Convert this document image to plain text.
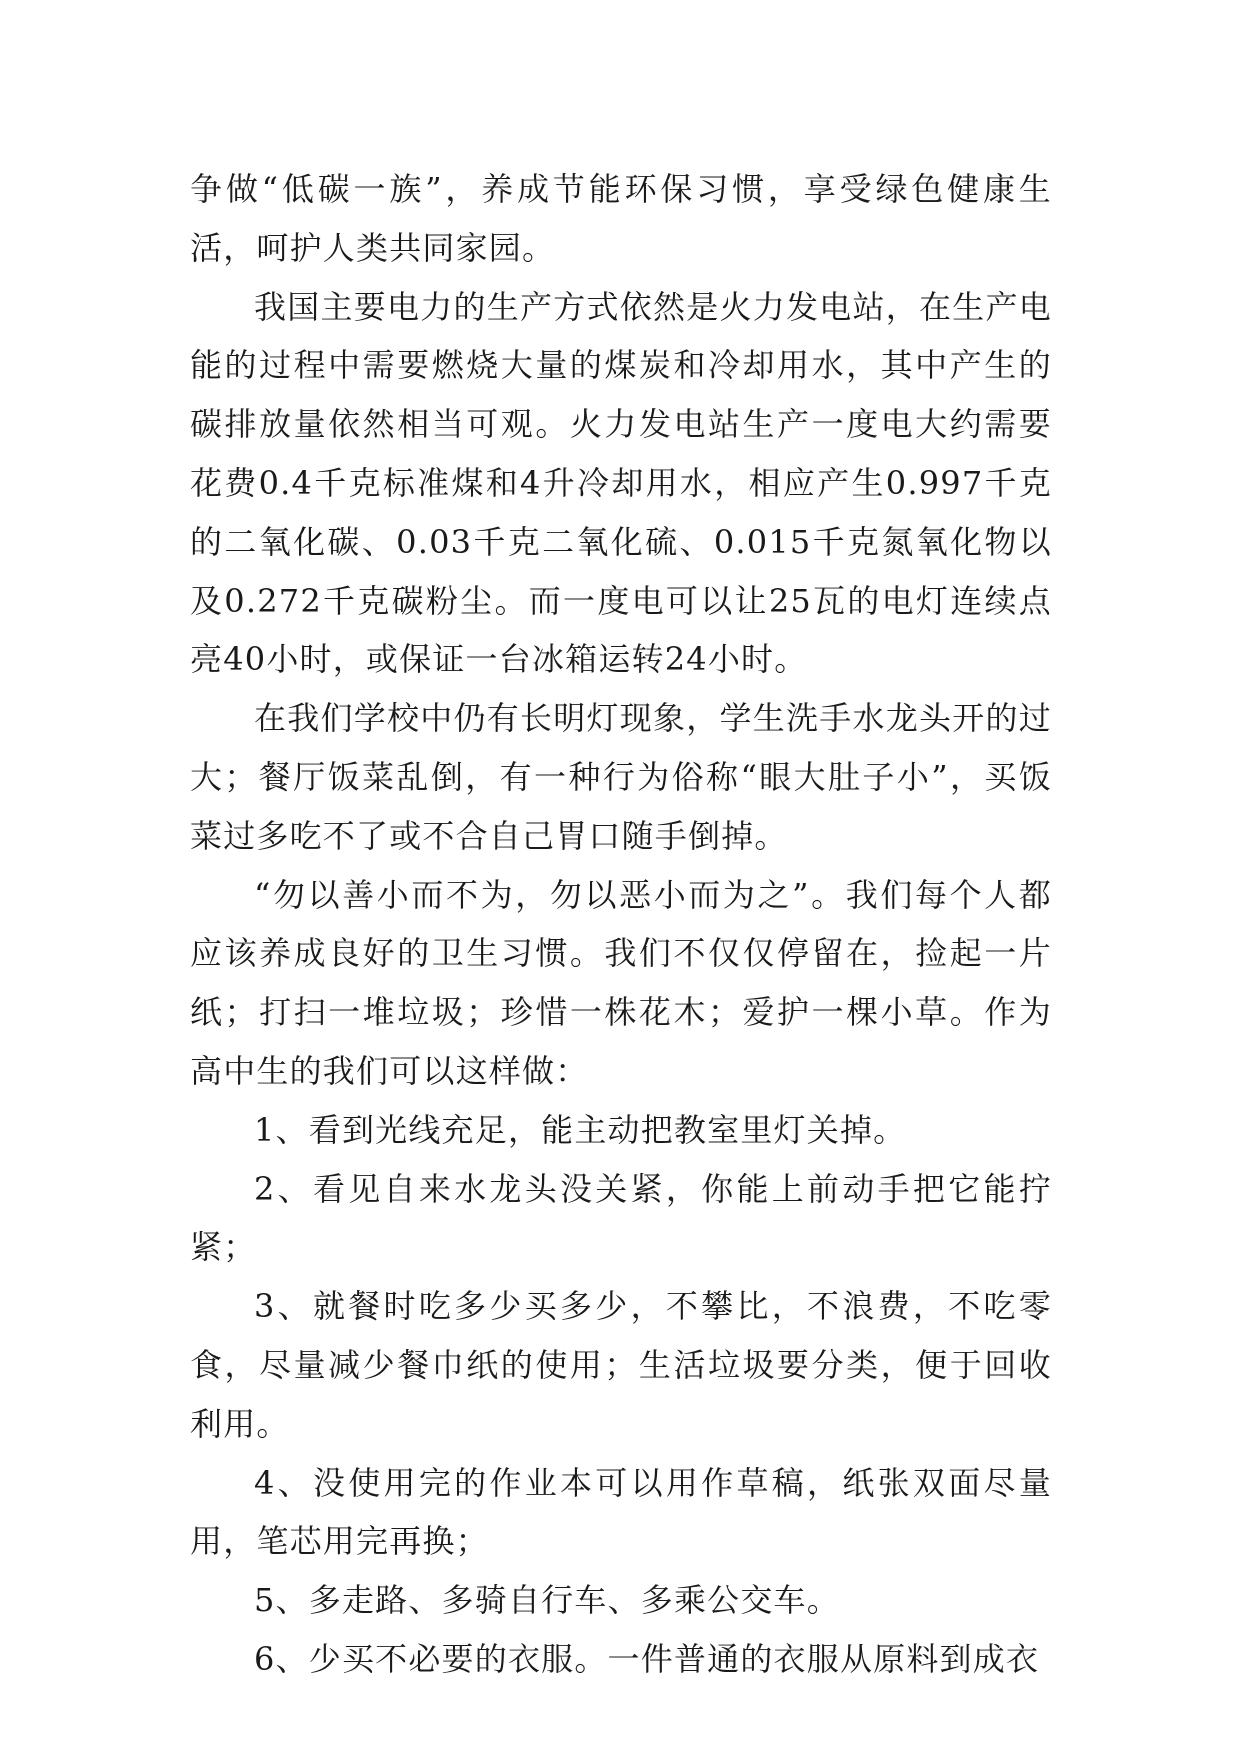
争做“低碳一族”，养成节能环保习惯，享受绿色健康生活，呵护人类共同家园。

我国主要电力的生产方式依然是火力发电站，在生产电能的过程中需要燃烧大量的煤炭和冷却用水，其中产生的碳排放量依然相当可观。火力发电站生产一度电大约需要花费0.4千克标准煤和4升冷却用水，相应产生0.997千克的二氧化碳、0.03千克二氧化硫、0.015千克氮氧化物以及0.272千克碳粉尘。而一度电可以让25瓦的电灯连续点亮40小时，或保证一台冰箱运转24小时。

在我们学校中仍有长明灯现象，学生洗手水龙头开的过大；餐厅饭菜乱倒，有一种行为俗称“眼大肚子小”，买饭菜过多吃不了或不合自己胃口随手倒掉。

“勿以善小而不为，勿以恶小而为之”。我们每个人都应该养成良好的卫生习惯。我们不仅仅停留在，捡起一片纸；打扫一堆垃圾；珍惜一株花木；爱护一棵小草。作为高中生的我们可以这样做：

1、看到光线充足，能主动把教室里灯关掉。

2、看见自来水龙头没关紧，你能上前动手把它能拧紧；

3、就餐时吃多少买多少，不攀比，不浪费，不吃零食，尽量减少餐巾纸的使用；生活垃圾要分类，便于回收利用。

4、没使用完的作业本可以用作草稿，纸张双面尽量用，笔芯用完再换；

5、多走路、多骑自行车、多乘公交车。

6、少买不必要的衣服。一件普通的衣服从原料到成衣
